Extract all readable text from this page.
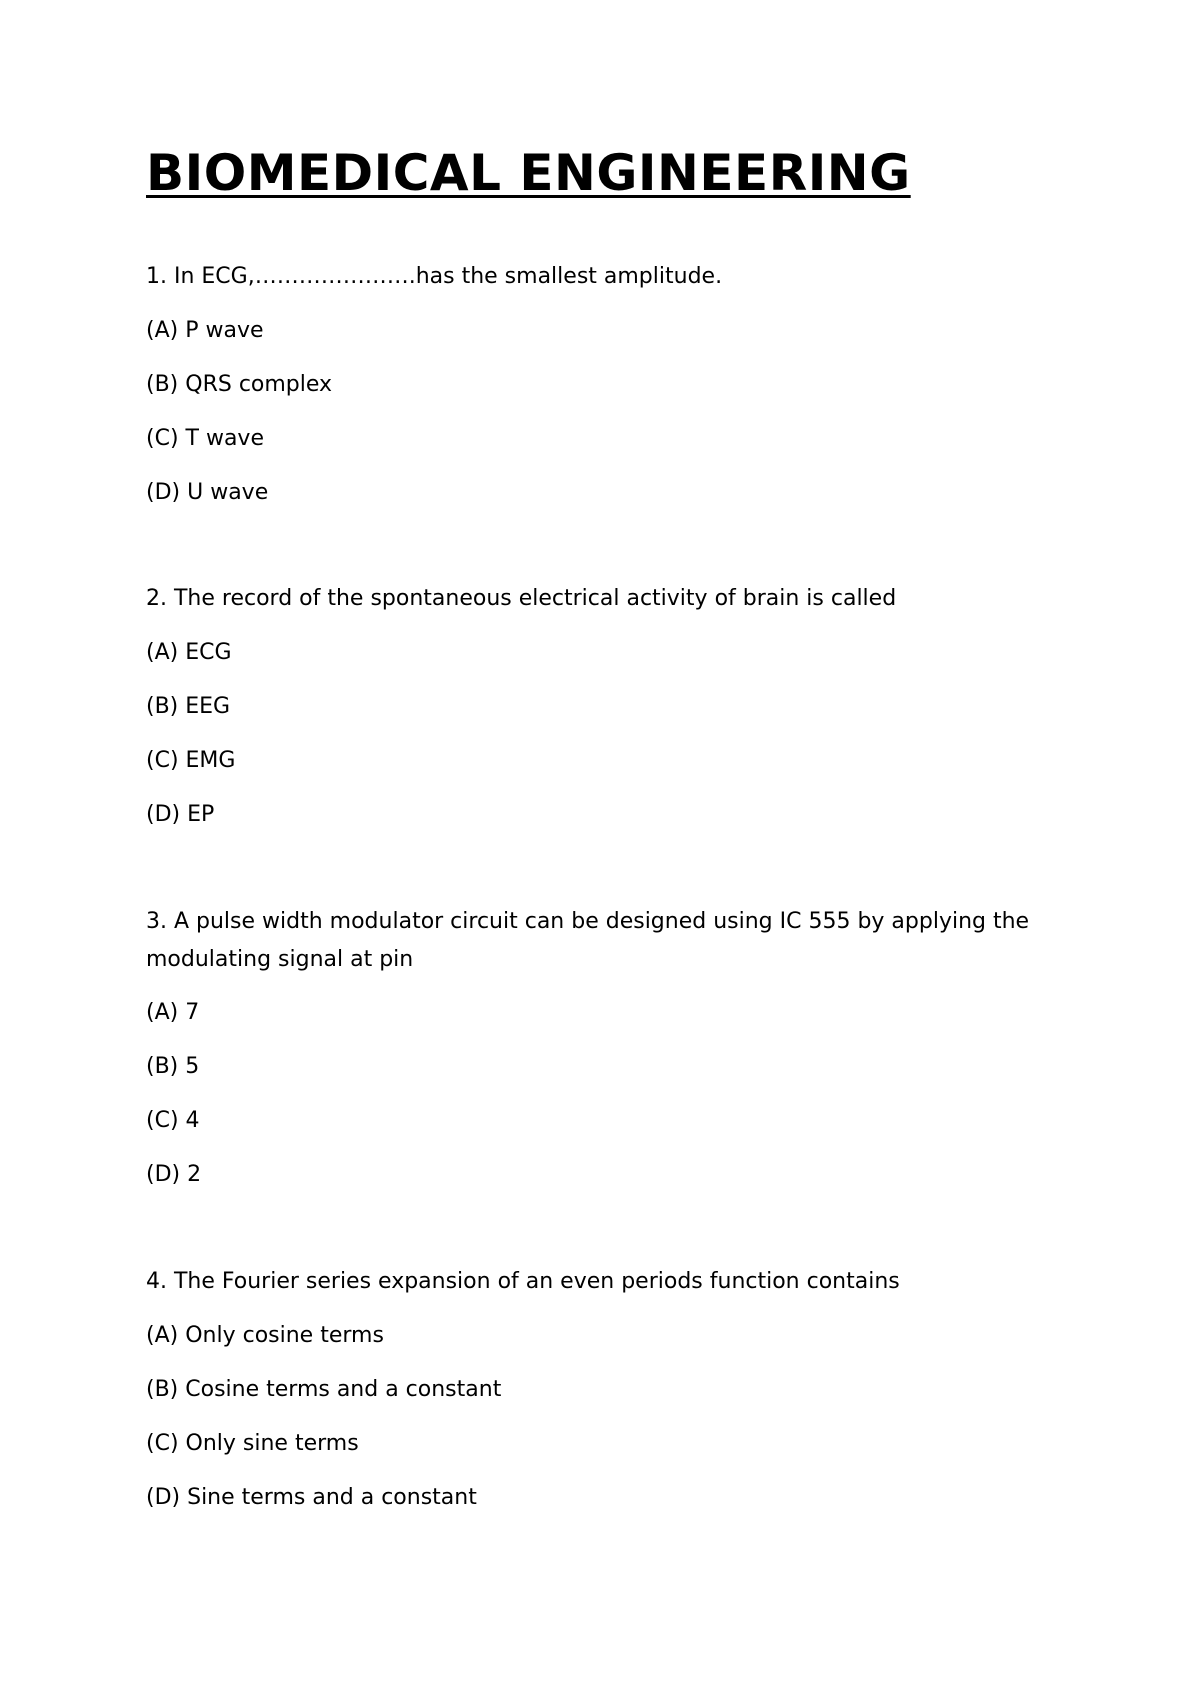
BIOMEDICAL ENGINEERING

1. In ECG,………………….has the smallest amplitude.

(A) P wave

(B) QRS complex

(C) T wave

(D) U wave

2. The record of the spontaneous electrical activity of brain is called

(A) ECG

(B) EEG

(C) EMG

(D) EP

3. A pulse width modulator circuit can be designed using IC 555 by applying the

modulating signal at pin

(A) 7

(B) 5

(C) 4

(D) 2

4. The Fourier series expansion of an even periods function contains

(A) Only cosine terms

(B) Cosine terms and a constant

(C) Only sine terms

(D) Sine terms and a constant
